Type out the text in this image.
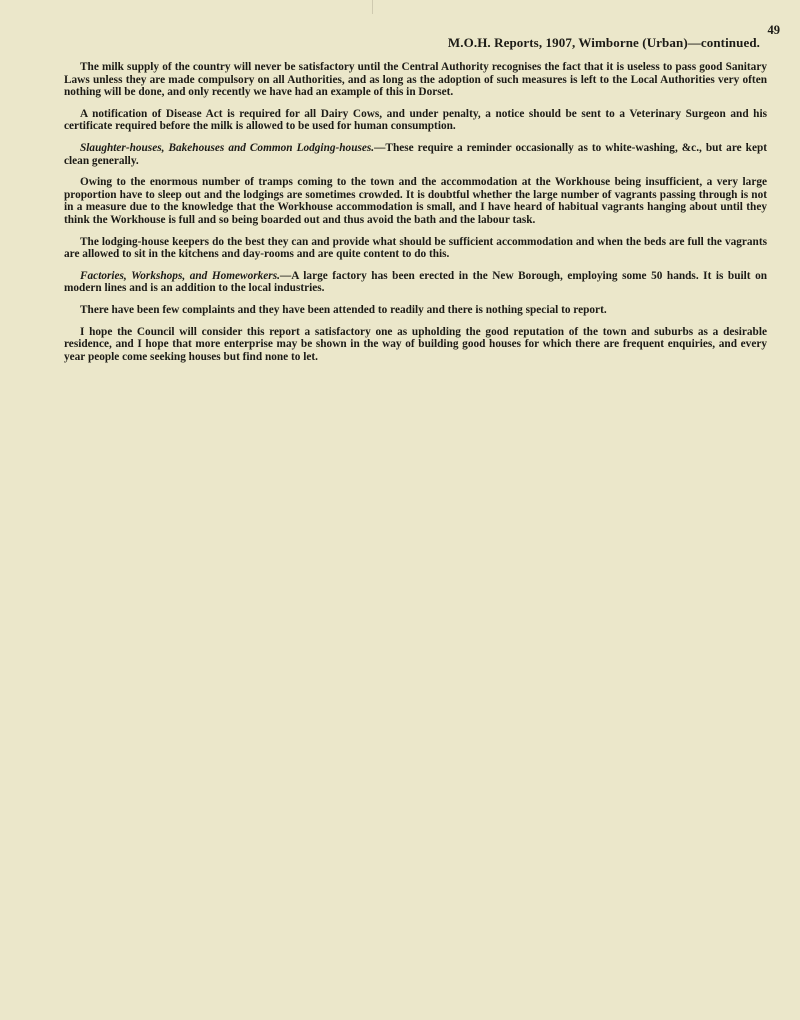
49
M.O.H. Reports, 1907, Wimborne (Urban)—continued.

The milk supply of the country will never be satisfactory until the Central Authority recognises the fact that it is useless to pass good Sanitary Laws unless they are made compulsory on all Authorities, and as long as the adoption of such measures is left to the Local Authorities very often nothing will be done, and only recently we have had an example of this in Dorset.

A notification of Disease Act is required for all Dairy Cows, and under penalty, a notice should be sent to a Veterinary Surgeon and his certificate required before the milk is allowed to be used for human consumption.

Slaughter-houses, Bakehouses and Common Lodging-houses.—These require a reminder occasionally as to white-washing, &c., but are kept clean generally.

Owing to the enormous number of tramps coming to the town and the accommodation at the Workhouse being insufficient, a very large proportion have to sleep out and the lodgings are sometimes crowded. It is doubtful whether the large number of vagrants passing through is not in a measure due to the knowledge that the Workhouse accommodation is small, and I have heard of habitual vagrants hanging about until they think the Workhouse is full and so being boarded out and thus avoid the bath and the labour task.

The lodging-house keepers do the best they can and provide what should be sufficient accommodation and when the beds are full the vagrants are allowed to sit in the kitchens and day-rooms and are quite content to do this.

Factories, Workshops, and Homeworkers.—A large factory has been erected in the New Borough, employing some 50 hands. It is built on modern lines and is an addition to the local industries.

There have been few complaints and they have been attended to readily and there is nothing special to report.

I hope the Council will consider this report a satisfactory one as upholding the good reputation of the town and suburbs as a desirable residence, and I hope that more enterprise may be shown in the way of building good houses for which there are frequent enquiries, and every year people come seeking houses but find none to let.
